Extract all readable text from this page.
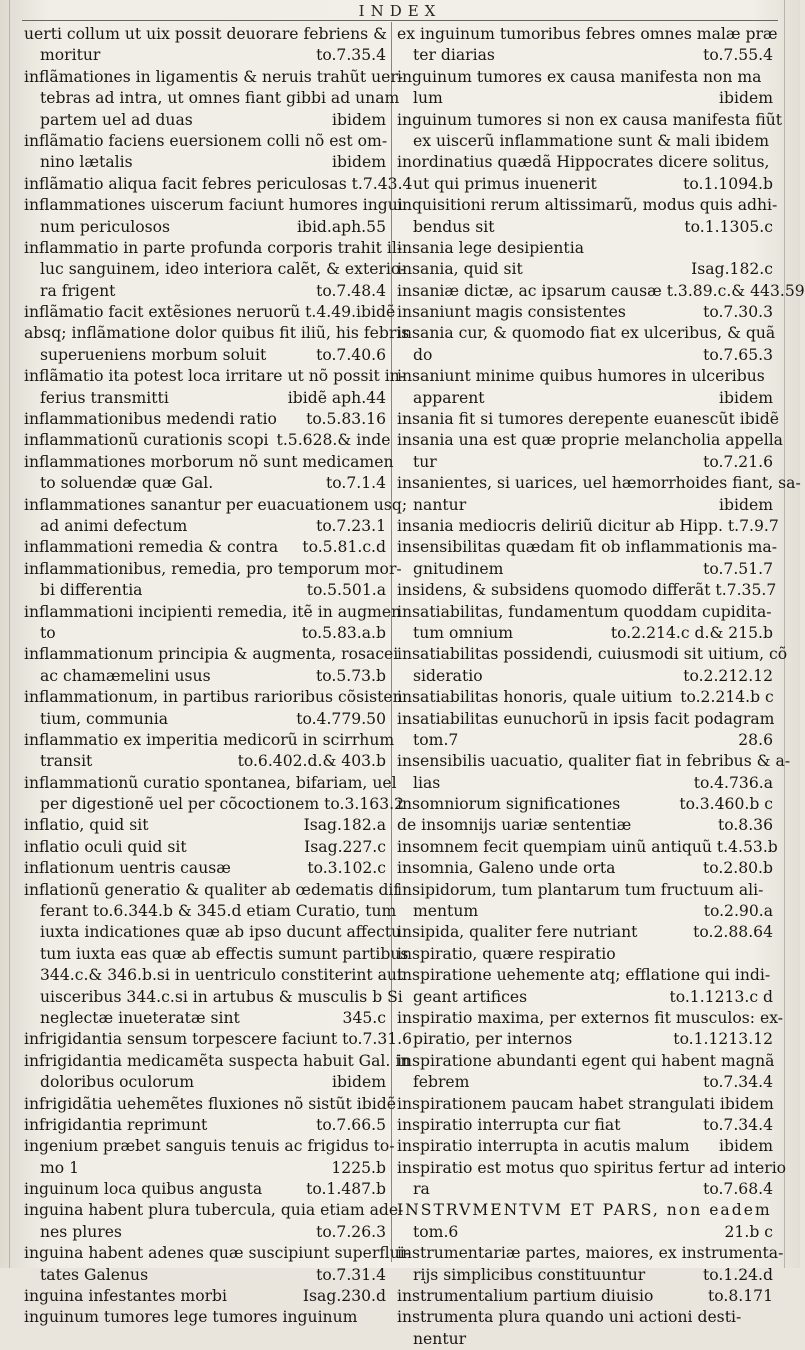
INDEX
uerti collum ut uix possit deuorare febriens &
moritur	to.7.35.4
inflãmationes in ligamentis & neruis trahũt uer-
tebras ad intra, ut omnes fiant gibbi ad unam
partem uel ad duas	ibidem
inflãmatio faciens euersionem colli nõ est om-
nino lætalis	ibidem
inflãmatio aliqua facit febres periculosas t.7.43.4
inflammationes uiscerum faciunt humores ingui
num periculosos	ibid.aph.55
inflammatio in parte profunda corporis trahit il-
luc sanguinem, ideo interiora calẽt, & exterio-
ra frigent	to.7.48.4
inflãmatio facit extẽsiones neruorũ t.4.49.ibidẽ
absq; inflãmatione dolor quibus fit iliũ, his febris
superueniens morbum soluit	to.7.40.6
inflãmatio ita potest loca irritare ut nõ possit in-
ferius transmitti	ibidẽ aph.44
inflammationibus medendi ratio	to.5.83.16
inflammationũ curationis scopi t.5.628.& inde
inflammationes morborum nõ sunt medicamen
to soluendæ quæ Gal.	to.7.1.4
inflammationes sanantur per euacuationem usq;
ad animi defectum	to.7.23.1
inflammationi remedia & contra	to.5.81.c.d
inflammationibus, remedia, pro temporum mor-
bi differentia	to.5.501.a
inflammationi incipienti remedia, itẽ in augmen
to	to.5.83.a.b
inflammationum principia & augmenta, rosacei
ac chamæmelini usus	to.5.73.b
inflammationum, in partibus rarioribus cõsisten
tium, communia	to.4.779.50
inflammatio ex imperitia medicorũ in scirrhum
transit	to.6.402.d.& 403.b
inflammationũ curatio spontanea, bifariam, uel
per digestionẽ uel per cõcoctionem to.3.163.2
inflatio, quid sit	Isag.182.a
inflatio oculi quid sit	Isag.227.c
inflationum uentris causæ	to.3.102.c
inflationũ generatio & qualiter ab œdematis dif
ferant to.6.344.b & 345.d etiam Curatio, tum
iuxta indicationes quæ ab ipso ducunt affectu
tum iuxta eas quæ ab effectis sumunt partibus
344.c.& 346.b.si in uentriculo constiterint aut
uisceribus 344.c.si in artubus & musculis b Si
neglectæ inueteratæ sint	345.c
infrigidantia sensum torpescere faciunt to.7.31.6
infrigidantia medicamẽta suspecta habuit Gal. in
doloribus oculorum	ibidem
infrigidãtia uehemẽtes fluxiones nõ sistũt ibidẽ
infrigidantia reprimunt	to.7.66.5
ingenium præbet sanguis tenuis ac frigidus to-
mo 1	1225.b
inguinum loca quibus angusta	to.1.487.b
inguina habent plura tubercula, quia etiam ade-
nes plures	to.7.26.3
inguina habent adenes quæ suscipiunt superflui-
tates Galenus	to.7.31.4
inguina infestantes morbi	Isag.230.d
inguinum tumores lege tumores inguinum
ex inguinum tumoribus febres omnes malæ præ
ter diarias	to.7.55.4
inguinum tumores ex causa manifesta non ma
lum	ibidem
inguinum tumores si non ex causa manifesta fiũt
ex uiscerũ inflammatione sunt & mali ibidem
inordinatius quædã Hippocrates dicere solitus,
ut qui primus inuenerit	to.1.1094.b
inquisitioni rerum altissimarũ, modus quis adhi-
bendus sit	to.1.1305.c
insania lege desipientia
insania, quid sit	Isag.182.c
insaniæ dictæ, ac ipsarum causæ t.3.89.c.& 443.59
insaniunt magis consistentes	to.7.30.3
insania cur, & quomodo fiat ex ulceribus, & quã
do	to.7.65.3
insaniunt minime quibus humores in ulceribus
apparent	ibidem
insania fit si tumores derepente euanescũt ibidẽ
insania una est quæ proprie melancholia appella
tur	to.7.21.6
insanientes, si uarices, uel hæmorrhoides fiant, sa-
nantur	ibidem
insania mediocris deliriũ dicitur ab Hipp. t.7.9.7
insensibilitas quædam fit ob inflammationis ma-
gnitudinem	to.7.51.7
insidens, & subsidens quomodo differãt t.7.35.7
insatiabilitas, fundamentum quoddam cupidita-
tum omnium	to.2.214.c d.& 215.b
insatiabilitas possidendi, cuiusmodi sit uitium, cõ
sideratio	to.2.212.12
insatiabilitas honoris, quale uitium to.2.214.b c
insatiabilitas eunuchorũ in ipsis facit podagram
tom.7	28.6
insensibilis uacuatio, qualiter fiat in febribus & a-
lias	to.4.736.a
insomniorum significationes	to.3.460.b c
de insomnijs uariæ sententiæ	to.8.36
insomnem fecit quempiam uinũ antiquũ t.4.53.b
insomnia, Galeno unde orta	to.2.80.b
insipidorum, tum plantarum tum fructuum ali-
mentum	to.2.90.a
insipida, qualiter fere nutriant	to.2.88.64
inspiratio, quære respiratio
inspiratione uehemente atq; efflatione qui indi-
geant artifices	to.1.1213.c d
inspiratio maxima, per externos fit musculos: ex-
piratio, per internos	to.1.1213.12
inspiratione abundanti egent qui habent magnã
febrem	to.7.34.4
inspirationem paucam habet strangulati ibidem
inspiratio interrupta cur fiat	to.7.34.4
inspiratio interrupta in acutis malum	ibidem
inspiratio est motus quo spiritus fertur ad interio
ra	to.7.68.4
INSTRVMENTVM ET PARS, non eadem
tom.6	21.b c
instrumentariæ partes, maiores, ex instrumenta-
rijs simplicibus constituuntur	to.1.24.d
instrumentalium partium diuisio	to.8.171
instrumenta plura quando uni actioni desti-
nentur
